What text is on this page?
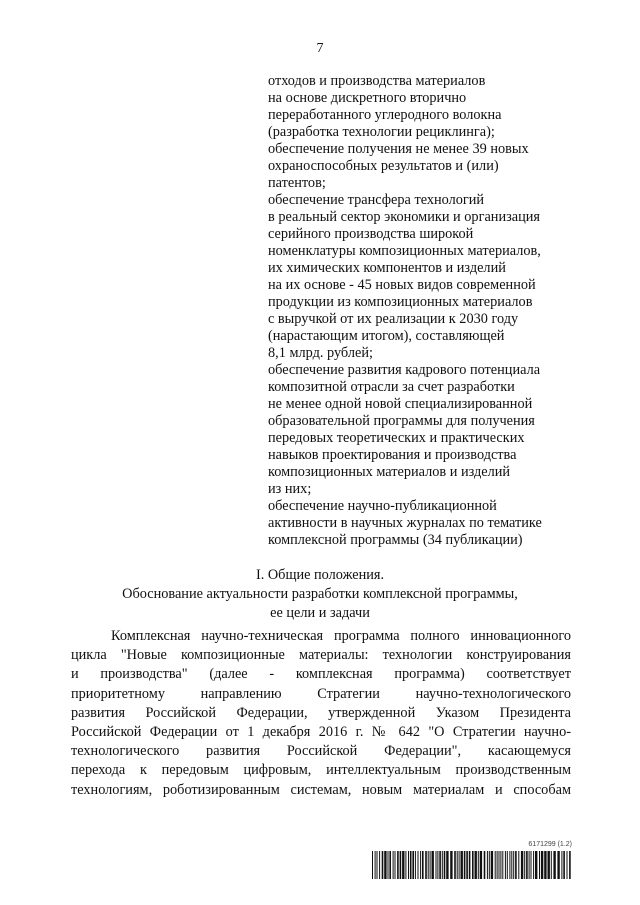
7
отходов и производства материалов
на основе дискретного вторично
переработанного углеродного волокна
(разработка технологии рециклинга);
обеспечение получения не менее 39 новых
охраноспособных результатов и (или)
патентов;
обеспечение трансфера технологий
в реальный сектор экономики и организация
серийного производства широкой
номенклатуры композиционных материалов,
их химических компонентов и изделий
на их основе - 45 новых видов современной
продукции из композиционных материалов
с выручкой от их реализации к 2030 году
(нарастающим итогом), составляющей
8,1 млрд. рублей;
обеспечение развития кадрового потенциала
композитной отрасли за счет разработки
не менее одной новой специализированной
образовательной программы для получения
передовых теоретических и практических
навыков проектирования и производства
композиционных материалов и изделий
из них;
обеспечение научно-публикационной
активности в научных журналах по тематике
комплексной программы (34 публикации)
I. Общие положения.
Обоснование актуальности разработки комплексной программы,
ее цели и задачи
Комплексная научно-техническая программа полного инновационного
цикла "Новые композиционные материалы: технологии конструирования
и производства" (далее - комплексная программа) соответствует
приоритетному направлению Стратегии научно-технологического
развития Российской Федерации, утвержденной Указом Президента
Российской Федерации от 1 декабря 2016 г. № 642 "О Стратегии научно-
технологического развития Российской Федерации", касающемуся
перехода к передовым цифровым, интеллектуальным производственным
технологиям, роботизированным системам, новым материалам и способам
6171299 (1.2)
